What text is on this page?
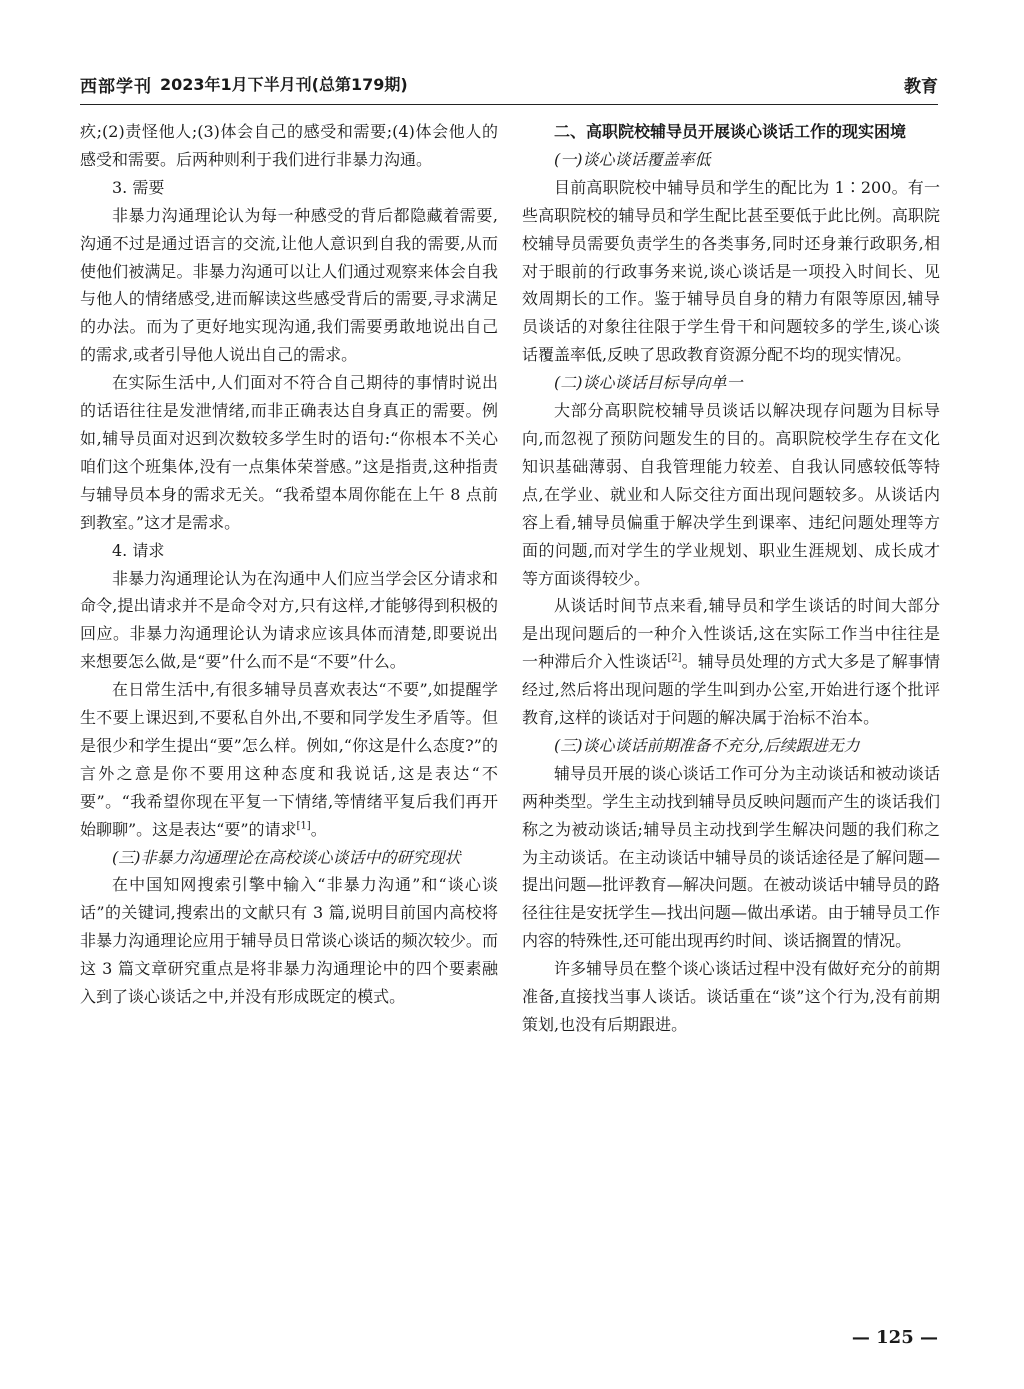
西部学刊 2023年1月下半月刊(总第179期)	教育

疚;(2)责怪他人;(3)体会自己的感受和需要;(4)体会他人的感受和需要。后两种则利于我们进行非暴力沟通。

3. 需要

非暴力沟通理论认为每一种感受的背后都隐藏着需要,沟通不过是通过语言的交流,让他人意识到自我的需要,从而使他们被满足。非暴力沟通可以让人们通过观察来体会自我与他人的情绪感受,进而解读这些感受背后的需要,寻求满足的办法。而为了更好地实现沟通,我们需要勇敢地说出自己的需求,或者引导他人说出自己的需求。

在实际生活中,人们面对不符合自己期待的事情时说出的话语往往是发泄情绪,而非正确表达自身真正的需要。例如,辅导员面对迟到次数较多学生时的语句:“你根本不关心咱们这个班集体,没有一点集体荣誉感。”这是指责,这种指责与辅导员本身的需求无关。“我希望本周你能在上午 8 点前到教室。”这才是需求。

4. 请求

非暴力沟通理论认为在沟通中人们应当学会区分请求和命令,提出请求并不是命令对方,只有这样,才能够得到积极的回应。非暴力沟通理论认为请求应该具体而清楚,即要说出来想要怎么做,是“要”什么而不是“不要”什么。

在日常生活中,有很多辅导员喜欢表达“不要”,如提醒学生不要上课迟到,不要私自外出,不要和同学发生矛盾等。但是很少和学生提出“要”怎么样。例如,“你这是什么态度?”的言外之意是你不要用这种态度和我说话,这是表达“不要”。“我希望你现在平复一下情绪,等情绪平复后我们再开始聊聊”。这是表达“要”的请求[1]。

(三)非暴力沟通理论在高校谈心谈话中的研究现状

在中国知网搜索引擎中输入“非暴力沟通”和“谈心谈话”的关键词,搜索出的文献只有 3 篇,说明目前国内高校将非暴力沟通理论应用于辅导员日常谈心谈话的频次较少。而这 3 篇文章研究重点是将非暴力沟通理论中的四个要素融入到了谈心谈话之中,并没有形成既定的模式。

二、高职院校辅导员开展谈心谈话工作的现实困境

(一)谈心谈话覆盖率低

目前高职院校中辅导员和学生的配比为 1∶200。有一些高职院校的辅导员和学生配比甚至要低于此比例。高职院校辅导员需要负责学生的各类事务,同时还身兼行政职务,相对于眼前的行政事务来说,谈心谈话是一项投入时间长、见效周期长的工作。鉴于辅导员自身的精力有限等原因,辅导员谈话的对象往往限于学生骨干和问题较多的学生,谈心谈话覆盖率低,反映了思政教育资源分配不均的现实情况。

(二)谈心谈话目标导向单一

大部分高职院校辅导员谈话以解决现存问题为目标导向,而忽视了预防问题发生的目的。高职院校学生存在文化知识基础薄弱、自我管理能力较差、自我认同感较低等特点,在学业、就业和人际交往方面出现问题较多。从谈话内容上看,辅导员偏重于解决学生到课率、违纪问题处理等方面的问题,而对学生的学业规划、职业生涯规划、成长成才等方面谈得较少。

从谈话时间节点来看,辅导员和学生谈话的时间大部分是出现问题后的一种介入性谈话,这在实际工作当中往往是一种滞后介入性谈话[2]。辅导员处理的方式大多是了解事情经过,然后将出现问题的学生叫到办公室,开始进行逐个批评教育,这样的谈话对于问题的解决属于治标不治本。

(三)谈心谈话前期准备不充分,后续跟进无力

辅导员开展的谈心谈话工作可分为主动谈话和被动谈话两种类型。学生主动找到辅导员反映问题而产生的谈话我们称之为被动谈话;辅导员主动找到学生解决问题的我们称之为主动谈话。在主动谈话中辅导员的谈话途径是了解问题—提出问题—批评教育—解决问题。在被动谈话中辅导员的路径往往是安抚学生—找出问题—做出承诺。由于辅导员工作内容的特殊性,还可能出现再约时间、谈话搁置的情况。

许多辅导员在整个谈心谈话过程中没有做好充分的前期准备,直接找当事人谈话。谈话重在“谈”这个行为,没有前期策划,也没有后期跟进。

— 125 —
